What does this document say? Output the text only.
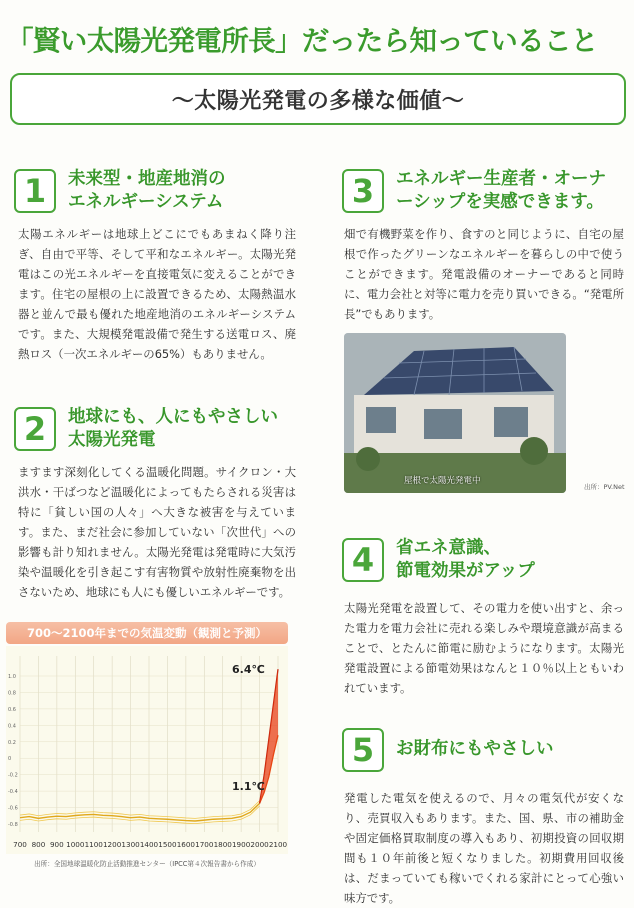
「賢い太陽光発電所長」だったら知っていること
〜太陽光発電の多様な価値〜
1	未来型・地産地消の
エネルギーシステム
太陽エネルギーは地球上どこにでもあまねく降り注ぎ、自由で平等、そして平和なエネルギー。太陽光発電はこの光エネルギーを直接電気に変えることができます。住宅の屋根の上に設置できるため、太陽熱温水器と並んで最も優れた地産地消のエネルギーシステムです。また、大規模発電設備で発生する送電ロス、廃熱ロス（一次エネルギーの65%）もありません。
2	地球にも、人にもやさしい
太陽光発電
ますます深刻化してくる温暖化問題。サイクロン・大洪水・干ばつなど温暖化によってもたらされる災害は特に「貧しい国の人々」へ大きな被害を与えています。また、まだ社会に参加していない「次世代」への影響も計り知れません。太陽光発電は発電時に大気汚染や温暖化を引き起こす有害物質や放射性廃棄物を出さないため、地球にも人にも優しいエネルギーです。
3	エネルギー生産者・オーナ
ーシップを実感できます。
畑で有機野菜を作り、食すのと同じように、自宅の屋根で作ったグリーンなエネルギーを暮らしの中で使うことができます。発電設備のオーナーであると同時に、電力会社と対等に電力を売り買いできる。“発電所長”でもあります。
屋根で太陽光発電中
出所：PV.Net
4	省エネ意識、
節電効果がアップ
太陽光発電を設置して、その電力を使い出すと、余った電力を電力会社に売れる楽しみや環境意識が高まることで、とたんに節電に励むようになります。太陽光発電設置による節電効果はなんと１０％以上ともいわれています。
5	お財布にもやさしい
発電した電気を使えるので、月々の電気代が安くなり、売買収入もあります。また、国、県、市の補助金や固定価格買取制度の導入もあり、初期投資の回収期間も１０年前後と短くなりました。初期費用回収後は、だまっていても稼いでくれる家計にとって心強い味方です。
700〜2100年までの気温変動（観測と予測）
700 800 900 1000 1100 1200 1300 1400 1500 1600 1700 1800 1900 2000 2100
1.0
0.8
0.6
0.4
0.2
0
-0.2
-0.4
-0.6
-0.8
6.4℃
1.1℃
出所：全国地球温暖化防止活動推進センター（IPCC第４次報告書から作成）
